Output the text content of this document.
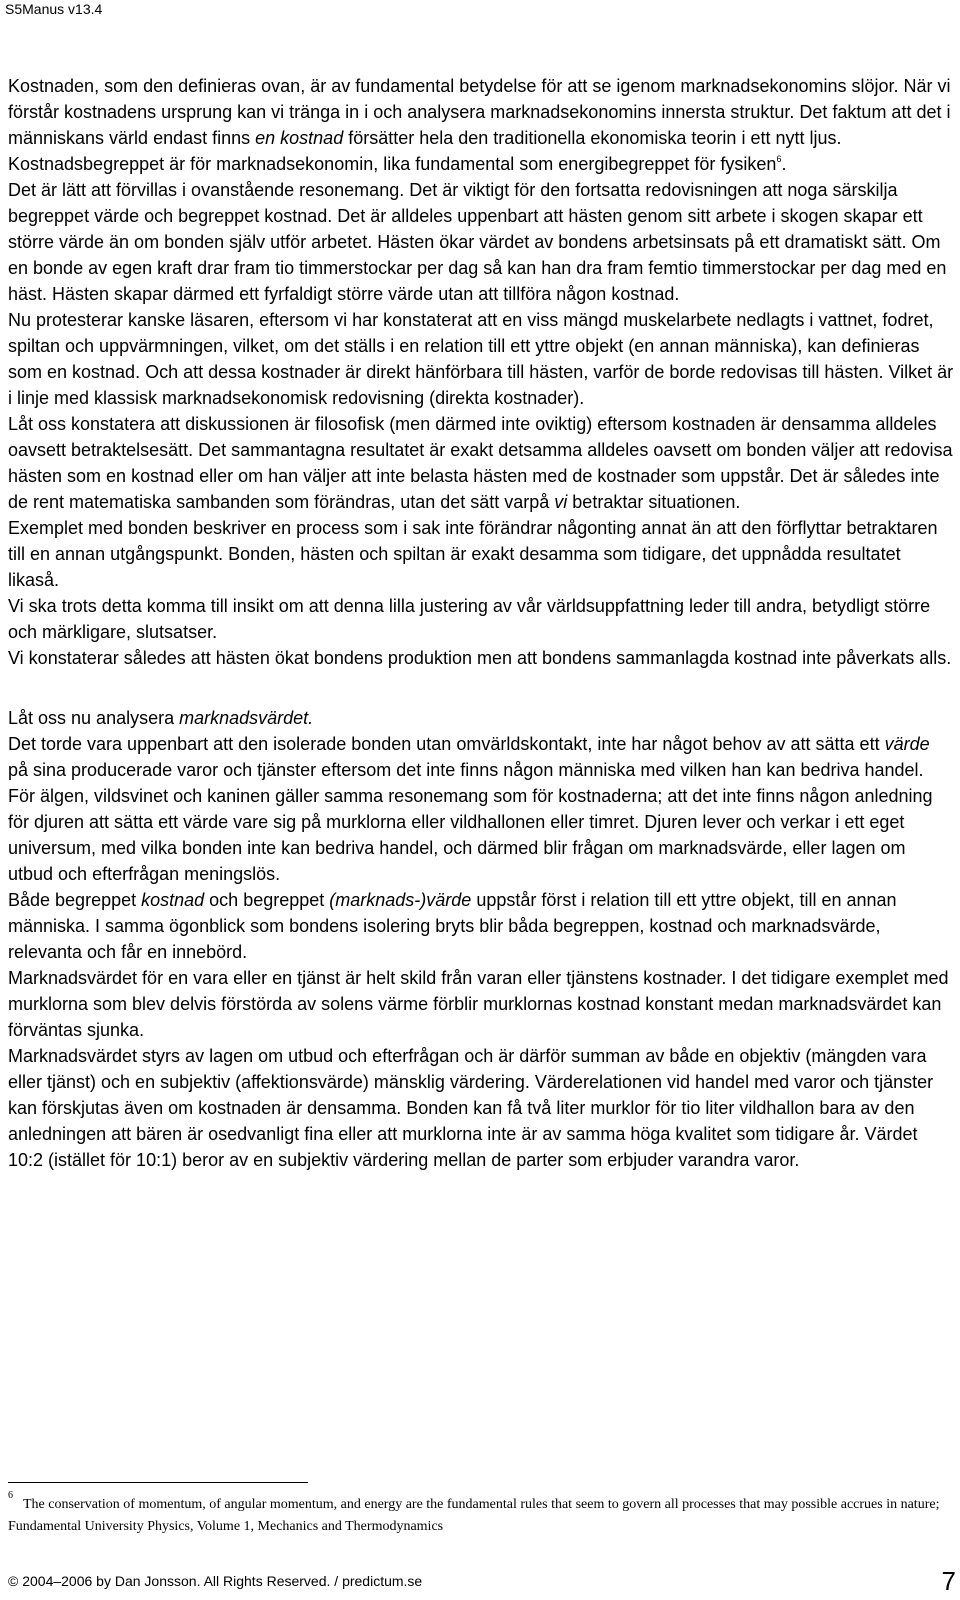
S5Manus v13.4

Kostnaden, som den definieras ovan, är av fundamental betydelse för att se igenom marknadsekonomins slöjor. När vi förstår kostnadens ursprung kan vi tränga in i och analysera marknadsekonomins innersta struktur. Det faktum att det i människans värld endast finns en kostnad försätter hela den traditionella ekonomiska teorin i ett nytt ljus. Kostnadsbegreppet är för marknadsekonomin, lika fundamental som energibegreppet för fysiken$^6$.

Det är lätt att förvillas i ovanstående resonemang. Det är viktigt för den fortsatta redovisningen att noga särskilja begreppet värde och begreppet kostnad. Det är alldeles uppenbart att hästen genom sitt arbete i skogen skapar ett större värde än om bonden själv utför arbetet. Hästen ökar värdet av bondens arbetsinsats på ett dramatiskt sätt. Om en bonde av egen kraft drar fram tio timmerstockar per dag så kan han dra fram femtio timmerstockar per dag med en häst. Hästen skapar därmed ett fyrfaldigt större värde utan att tillföra någon kostnad.

Nu protesterar kanske läsaren, eftersom vi har konstaterat att en viss mängd muskelarbete nedlagts i vattnet, fodret, spiltan och uppvärmningen, vilket, om det ställs i en relation till ett yttre objekt (en annan människa), kan definieras som en kostnad. Och att dessa kostnader är direkt hänförbara till hästen, varför de borde redovisas till hästen. Vilket är i linje med klassisk marknadsekonomisk redovisning (direkta kostnader).

Låt oss konstatera att diskussionen är filosofisk (men därmed inte oviktig) eftersom kostnaden är densamma alldeles oavsett betraktelsesätt. Det sammantagna resultatet är exakt detsamma alldeles oavsett om bonden väljer att redovisa hästen som en kostnad eller om han väljer att inte belasta hästen med de kostnader som uppstår. Det är således inte de rent matematiska sambanden som förändras, utan det sätt varpå vi betraktar situationen.

Exemplet med bonden beskriver en process som i sak inte förändrar någonting annat än att den förflyttar betraktaren till en annan utgångspunkt. Bonden, hästen och spiltan är exakt desamma som tidigare, det uppnådda resultatet likaså.

Vi ska trots detta komma till insikt om att denna lilla justering av vår världsuppfattning leder till andra, betydligt större och märkligare, slutsatser.

Vi konstaterar således att hästen ökat bondens produktion men att bondens sammanlagda kostnad inte påverkats alls.

Låt oss nu analysera marknadsvärdet.

Det torde vara uppenbart att den isolerade bonden utan omvärldskontakt, inte har något behov av att sätta ett värde på sina producerade varor och tjänster eftersom det inte finns någon människa med vilken han kan bedriva handel. För älgen, vildsvinet och kaninen gäller samma resonemang som för kostnaderna; att det inte finns någon anledning för djuren att sätta ett värde vare sig på murklorna eller vildhallonen eller timret. Djuren lever och verkar i ett eget universum, med vilka bonden inte kan bedriva handel, och därmed blir frågan om marknadsvärde, eller lagen om utbud och efterfrågan meningslös.

Både begreppet kostnad och begreppet (marknads-)värde uppstår först i relation till ett yttre objekt, till en annan människa. I samma ögonblick som bondens isolering bryts blir båda begreppen, kostnad och marknadsvärde, relevanta och får en innebörd.

Marknadsvärdet för en vara eller en tjänst är helt skild från varan eller tjänstens kostnader. I det tidigare exemplet med murklorna som blev delvis förstörda av solens värme förblir murklornas kostnad konstant medan marknadsvärdet kan förväntas sjunka.

Marknadsvärdet styrs av lagen om utbud och efterfrågan och är därför summan av både en objektiv (mängden vara eller tjänst) och en subjektiv (affektionsvärde) mänsklig värdering. Värderelationen vid handel med varor och tjänster kan förskjutas även om kostnaden är densamma. Bonden kan få två liter murklor för tio liter vildhallon bara av den anledningen att bären är osedvanligt fina eller att murklorna inte är av samma höga kvalitet som tidigare år. Värdet 10:2 (istället för 10:1) beror av en subjektiv värdering mellan de parter som erbjuder varandra varor.

$^6$The conservation of momentum, of angular momentum, and energy are the fundamental rules that seem to govern all processes that may possible accrues in nature; Fundamental University Physics, Volume 1, Mechanics and Thermodynamics
© 2004–2006 by Dan Jonsson. All Rights Reserved. / predictum.se	7
